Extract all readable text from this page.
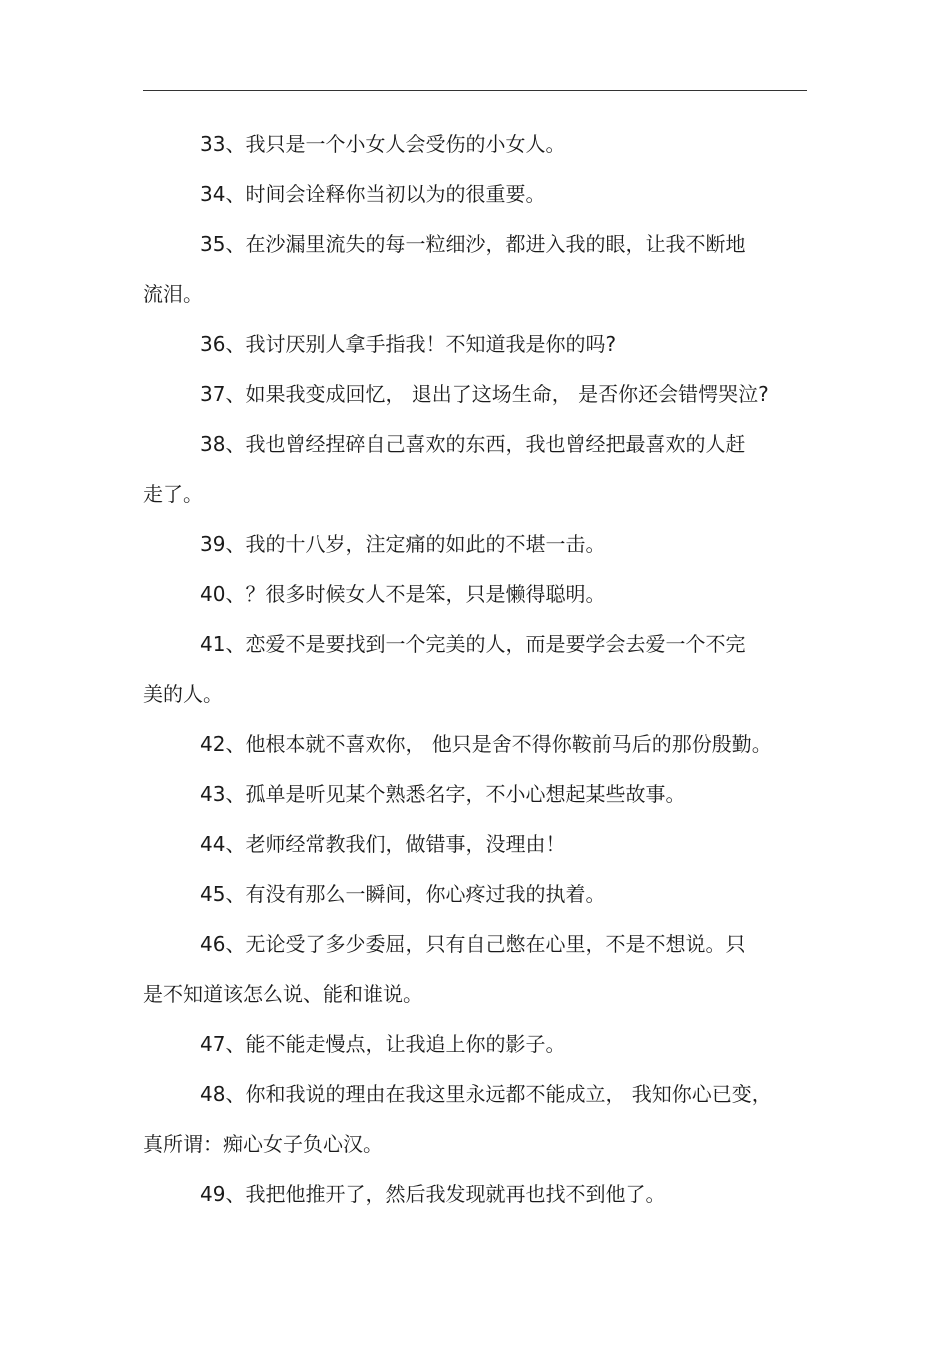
33、我只是一个小女人会受伤的小女人。
34、时间会诠释你当初以为的很重要。
35、在沙漏里流失的每一粒细沙，都进入我的眼，让我不断地
流泪。
36、我讨厌别人拿手指我！不知道我是你的吗?
37、如果我变成回忆， 退出了这场生命， 是否你还会错愕哭泣?
38、我也曾经捏碎自己喜欢的东西，我也曾经把最喜欢的人赶
走了。
39、我的十八岁，注定痛的如此的不堪一击。
40、？很多时候女人不是笨，只是懒得聪明。
41、恋爱不是要找到一个完美的人，而是要学会去爱一个不完
美的人。
42、他根本就不喜欢你， 他只是舍不得你鞍前马后的那份殷勤。
43、孤单是听见某个熟悉名字，不小心想起某些故事。
44、老师经常教我们，做错事，没理由！
45、有没有那么一瞬间，你心疼过我的执着。
46、无论受了多少委屈，只有自己憋在心里，不是不想说。只
是不知道该怎么说、能和谁说。
47、能不能走慢点，让我追上你的影子。
48、你和我说的理由在我这里永远都不能成立， 我知你心已变，
真所谓：痴心女子负心汉。
49、我把他推开了，然后我发现就再也找不到他了。
